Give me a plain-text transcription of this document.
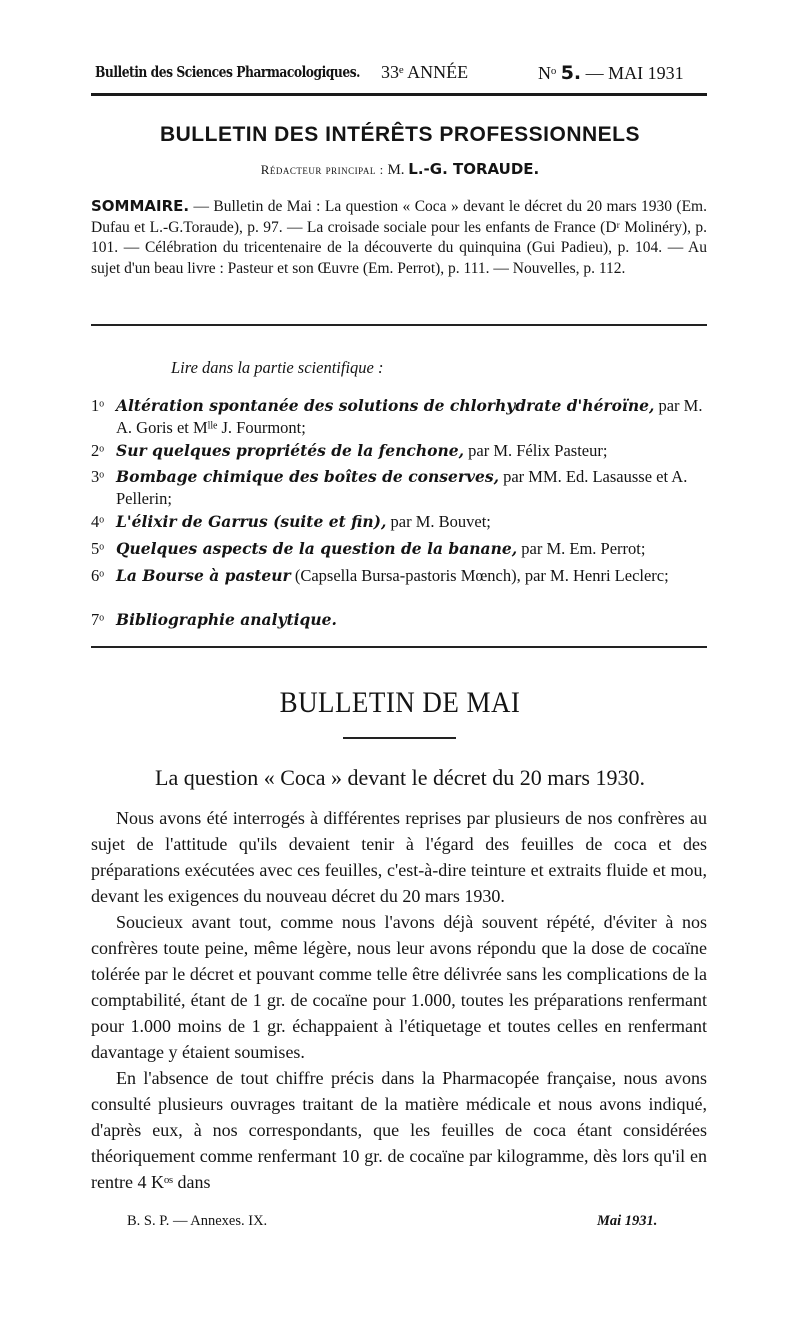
Bulletin des Sciences Pharmacologiques. 33ᵉ ANNÉE	Nᵒ 5. — MAI 1931
BULLETIN DES INTÉRÊTS PROFESSIONNELS
Rédacteur principal : M. L.-G. TORAUDE.
SOMMAIRE. — Bulletin de Mai : La question « Coca » devant le décret du 20 mars 1930 (Em. Dufau et L.-G.Toraude), p. 97. — La croisade sociale pour les enfants de France (Dʳ Molinéry), p. 101. — Célébration du tricentenaire de la découverte du quinquina (Gui Padieu), p. 104. — Au sujet d'un beau livre : Pasteur et son Œuvre (Em. Perrot), p. 111. — Nouvelles, p. 112.
Lire dans la partie scientifique :
1ᵒ Altération spontanée des solutions de chlorhydrate d'héroïne, par M. A. Goris et Mˡˡᵉ J. Fourmont;
2ᵒ Sur quelques propriétés de la fenchone, par M. Félix Pasteur;
3ᵒ Bombage chimique des boîtes de conserves, par MM. Ed. Lasausse et A. Pellerin;
4ᵒ L'élixir de Garrus (suite et fin), par M. Bouvet;
5ᵒ Quelques aspects de la question de la banane, par M. Em. Perrot;
6ᵒ La Bourse à pasteur (Capsella Bursa-pastoris Mœnch), par M. Henri Leclerc;
7ᵒ Bibliographie analytique.
BULLETIN DE MAI
La question « Coca » devant le décret du 20 mars 1930.

Nous avons été interrogés à différentes reprises par plusieurs de nos confrères au sujet de l'attitude qu'ils devaient tenir à l'égard des feuilles de coca et des préparations exécutées avec ces feuilles, c'est-à-dire teinture et extraits fluide et mou, devant les exigences du nouveau décret du 20 mars 1930.

Soucieux avant tout, comme nous l'avons déjà souvent répété, d'éviter à nos confrères toute peine, même légère, nous leur avons répondu que la dose de cocaïne tolérée par le décret et pouvant comme telle être délivrée sans les complications de la comptabilité, étant de 1 gr. de cocaïne pour 1.000, toutes les préparations renfermant pour 1.000 moins de 1 gr. échappaient à l'étiquetage et toutes celles en renfermant davantage y étaient soumises.

En l'absence de tout chiffre précis dans la Pharmacopée française, nous avons consulté plusieurs ouvrages traitant de la matière médicale et nous avons indiqué, d'après eux, à nos correspondants, que les feuilles de coca étant considérées théoriquement comme renfermant 10 gr. de cocaïne par kilogramme, dès lors qu'il en rentre 4 Kᵒˢ dans

B. S. P. — Annexes. IX.	Mai 1931.
